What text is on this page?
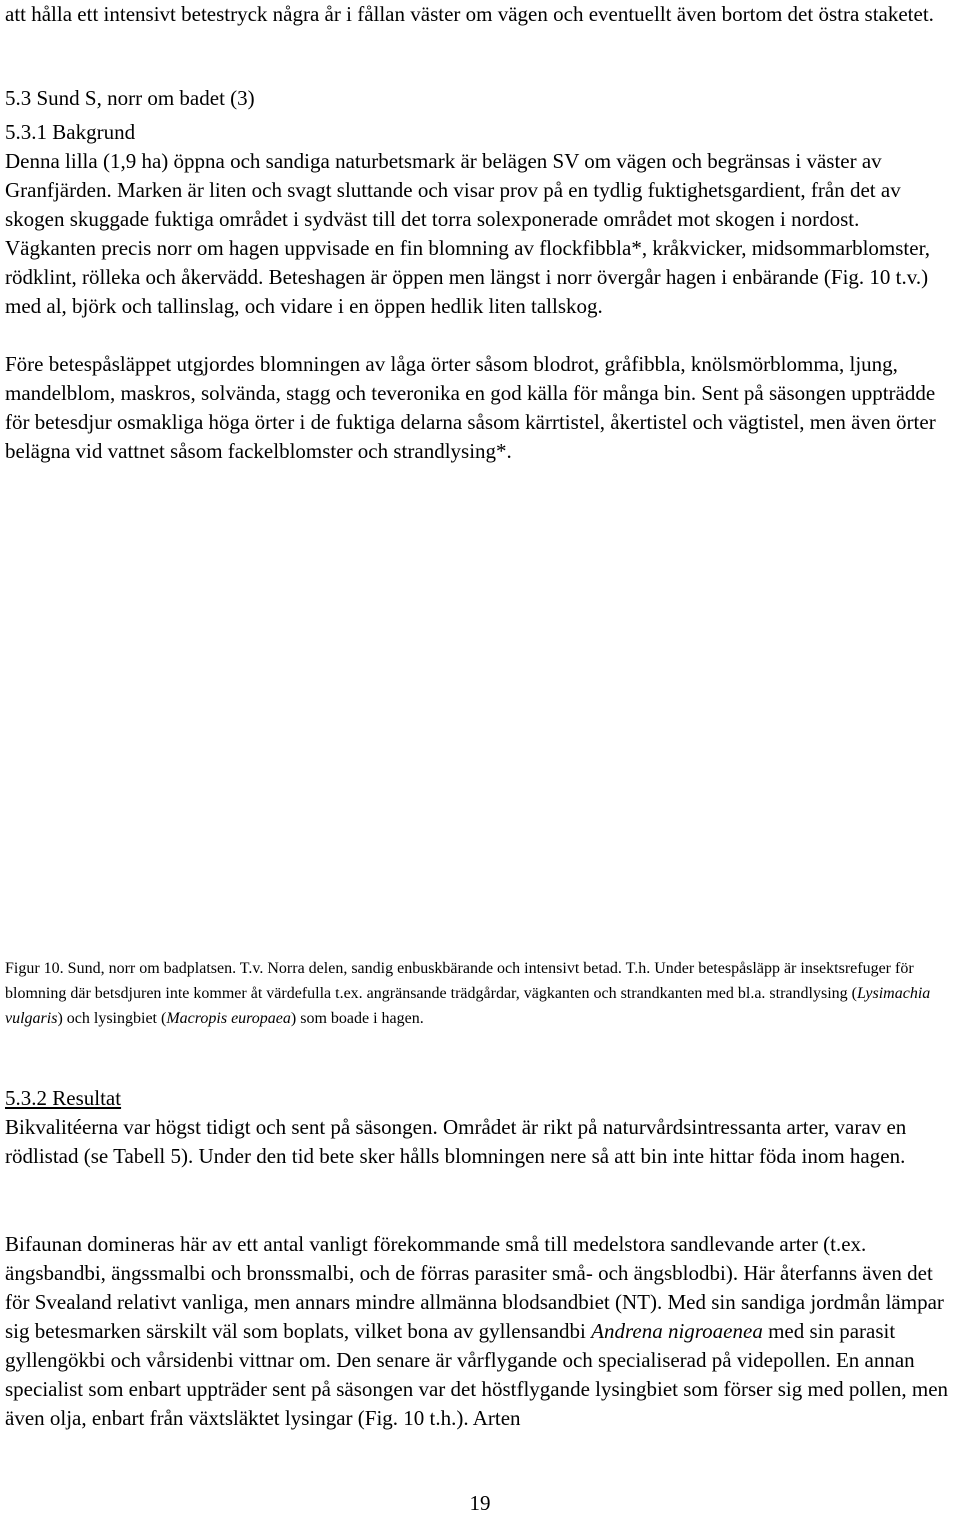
att hålla ett intensivt betestryck några år i fållan väster om vägen och eventuellt även bortom det östra staketet.

5.3 Sund S, norr om badet (3)

5.3.1 Bakgrund

Denna lilla (1,9 ha) öppna och sandiga naturbetsmark är belägen SV om vägen och begränsas i väster av Granfjärden. Marken är liten och svagt sluttande och visar prov på en tydlig fuktighetsgardient, från det av skogen skuggade fuktiga området i sydväst till det torra solexponerade området mot skogen i nordost. Vägkanten precis norr om hagen uppvisade en fin blomning av flockfibbla*, kråkvicker, midsommarblomster, rödklint, rölleka och åkervädd. Beteshagen är öppen men längst i norr övergår hagen i enbärande (Fig. 10 t.v.) med al, björk och tallinslag, och vidare i en öppen hedlik liten tallskog.

Före betespåsläppet utgjordes blomningen av låga örter såsom blodrot, gråfibbla, knölsmörblomma, ljung, mandelblom, maskros, solvända, stagg och teveronika en god källa för många bin. Sent på säsongen uppträdde för betesdjur osmakliga höga örter i de fuktiga delarna såsom kärrtistel, åkertistel och vägtistel, men även örter belägna vid vattnet såsom fackelblomster och strandlysing*.

Figur 10. Sund, norr om badplatsen. T.v. Norra delen, sandig enbuskbärande och intensivt betad. T.h. Under betespåsläpp är insektsrefuger för blomning där betsdjuren inte kommer åt värdefulla t.ex. angränsande trädgårdar, vägkanten och strandkanten med bl.a. strandlysing (Lysimachia vulgaris) och lysingbiet (Macropis europaea) som boade i hagen.

5.3.2 Resultat

Bikvalitéerna var högst tidigt och sent på säsongen. Området är rikt på naturvårdsintressanta arter, varav en rödlistad (se Tabell 5). Under den tid bete sker hålls blomningen nere så att bin inte hittar föda inom hagen.

Bifaunan domineras här av ett antal vanligt förekommande små till medelstora sandlevande arter (t.ex. ängsbandbi, ängssmalbi och bronssmalbi, och de förras parasiter små- och ängsblodbi). Här återfanns även det för Svealand relativt vanliga, men annars mindre allmänna blodsandbiet (NT). Med sin sandiga jordmån lämpar sig betesmarken särskilt väl som boplats, vilket bona av gyllensandbi Andrena nigroaenea med sin parasit gyllengökbi och vårsidenbi vittnar om. Den senare är vårflygande och specialiserad på videpollen. En annan specialist som enbart uppträder sent på säsongen var det höstflygande lysingbiet som förser sig med pollen, men även olja, enbart från växtsläktet lysingar (Fig. 10 t.h.). Arten

19
